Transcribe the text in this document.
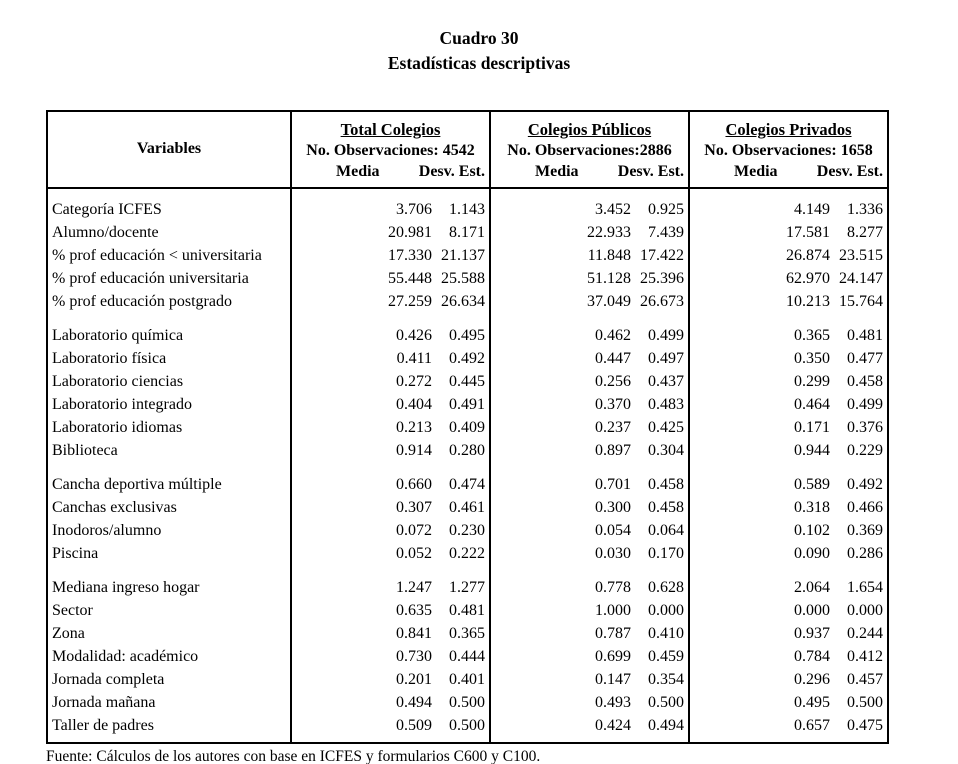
Cuadro 30
Estadísticas descriptivas
Variables	Total Colegios		Colegios Públicos		Colegios Privados	

	No. Observaciones: 4542		No. Observaciones:2886		No. Observaciones: 1658	

	Media Desv. Est.		Media Desv. Est.		Media Desv. Est.	

Categoría ICFES	3.706	1.143	3.452	0.925	4.149	1.336
Alumno/docente	20.981	8.171	22.933	7.439	17.581	8.277
% prof educación < universitaria	17.330	21.137	11.848	17.422	26.874	23.515
% prof educación universitaria	55.448	25.588	51.128	25.396	62.970	24.147
% prof educación postgrado	27.259	26.634	37.049	26.673	10.213	15.764
Laboratorio química	0.426	0.495	0.462	0.499	0.365	0.481
Laboratorio física	0.411	0.492	0.447	0.497	0.350	0.477
Laboratorio ciencias	0.272	0.445	0.256	0.437	0.299	0.458
Laboratorio integrado	0.404	0.491	0.370	0.483	0.464	0.499
Laboratorio idiomas	0.213	0.409	0.237	0.425	0.171	0.376
Biblioteca	0.914	0.280	0.897	0.304	0.944	0.229
Cancha deportiva múltiple	0.660	0.474	0.701	0.458	0.589	0.492
Canchas exclusivas	0.307	0.461	0.300	0.458	0.318	0.466
Inodoros/alumno	0.072	0.230	0.054	0.064	0.102	0.369
Piscina	0.052	0.222	0.030	0.170	0.090	0.286
Mediana ingreso hogar	1.247	1.277	0.778	0.628	2.064	1.654
Sector	0.635	0.481	1.000	0.000	0.000	0.000
Zona	0.841	0.365	0.787	0.410	0.937	0.244
Modalidad: académico	0.730	0.444	0.699	0.459	0.784	0.412
Jornada completa	0.201	0.401	0.147	0.354	0.296	0.457
Jornada mañana	0.494	0.500	0.493	0.500	0.495	0.500
Taller de padres	0.509	0.500	0.424	0.494	0.657	0.475
Fuente: Cálculos de los autores con base en ICFES y formularios C600 y C100.
